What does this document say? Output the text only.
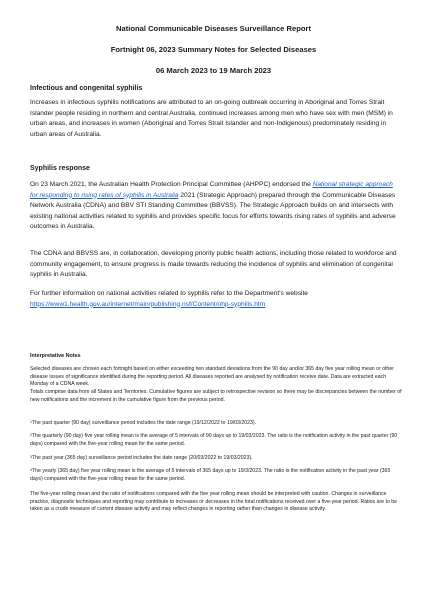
National Communicable Diseases Surveillance Report
Fortnight 06, 2023 Summary Notes for Selected Diseases
06 March 2023 to 19 March 2023
Infectious and congenital syphilis
Increases in infectious syphilis notifications are attributed to an on-going outbreak occurring in Aboriginal and Torres Strait Islander people residing in northern and central Australia, continued increases among men who have sex with men (MSM) in urban areas, and increases in women (Aboriginal and Torres Strait Islander and non-Indigenous) predominately residing in urban areas of Australia.
Syphilis response
On 23 March 2021, the Australian Health Protection Principal Committee (AHPPC) endorsed the National strategic approach for responding to rising rates of syphilis in Australia 2021 (Strategic Approach) prepared through the Communicable Diseases Network Australia (CDNA) and BBV STI Standing Committee (BBVSS). The Strategic Approach builds on and intersects with existing national activities related to syphilis and provides specific focus for efforts towards rising rates of syphilis and adverse outcomes in Australia.
The CDNA and BBVSS are, in collaboration, developing priority public health actions, including those related to workforce and community engagement, to ensure progress is made towards reducing the incidence of syphilis and elimination of congenital syphilis in Australia.
For further information on national activities related to syphilis refer to the Department's website
https://www1.health.gov.au/internet/main/publishing.nsf/Content/ohp-syphilis.htm
Interpretative Notes
Selected diseases are chosen each fortnight based on either exceeding two standard deviations from the 90 day and/or 365 day five year rolling mean or other disease issues of significance identified during the reporting period. All diseases reported are analysed by notification receive date. Data are extracted each Monday of a CDNA week.
Totals comprise data from all States and Territories. Cumulative figures are subject to retrospective revision so there may be discrepancies between the number of new notifications and the increment in the cumulative figure from the previous period.
$^1$The past quarter (90 day) surveillance period includes the date range (19/12/2022 to 19/03/2023).
$^2$The quarterly (90 day) five year rolling mean is the average of 5 intervals of 90 days up to 19/03/2023. The ratio is the notification activity in the past quarter (90 days) compared with the five-year rolling mean for the same period.
$^3$The past year (365 day) surveillance period includes the date range (20/03/2022 to 19/03/2023).
$^4$The yearly (365 day) five year rolling mean is the average of 5 intervals of 365 days up to 19/3/2023. The ratio is the notification activity in the past year (365 days) compared with the five-year rolling mean for the same period.
The five-year rolling mean and the ratio of notifications compared with the five year rolling mean should be interpreted with caution. Changes in surveillance practice, diagnostic techniques and reporting may contribute to increases or decreases in the total notifications received over a five-year period. Ratios are to be taken as a crude measure of current disease activity and may reflect changes in reporting rather than changes in disease activity.
